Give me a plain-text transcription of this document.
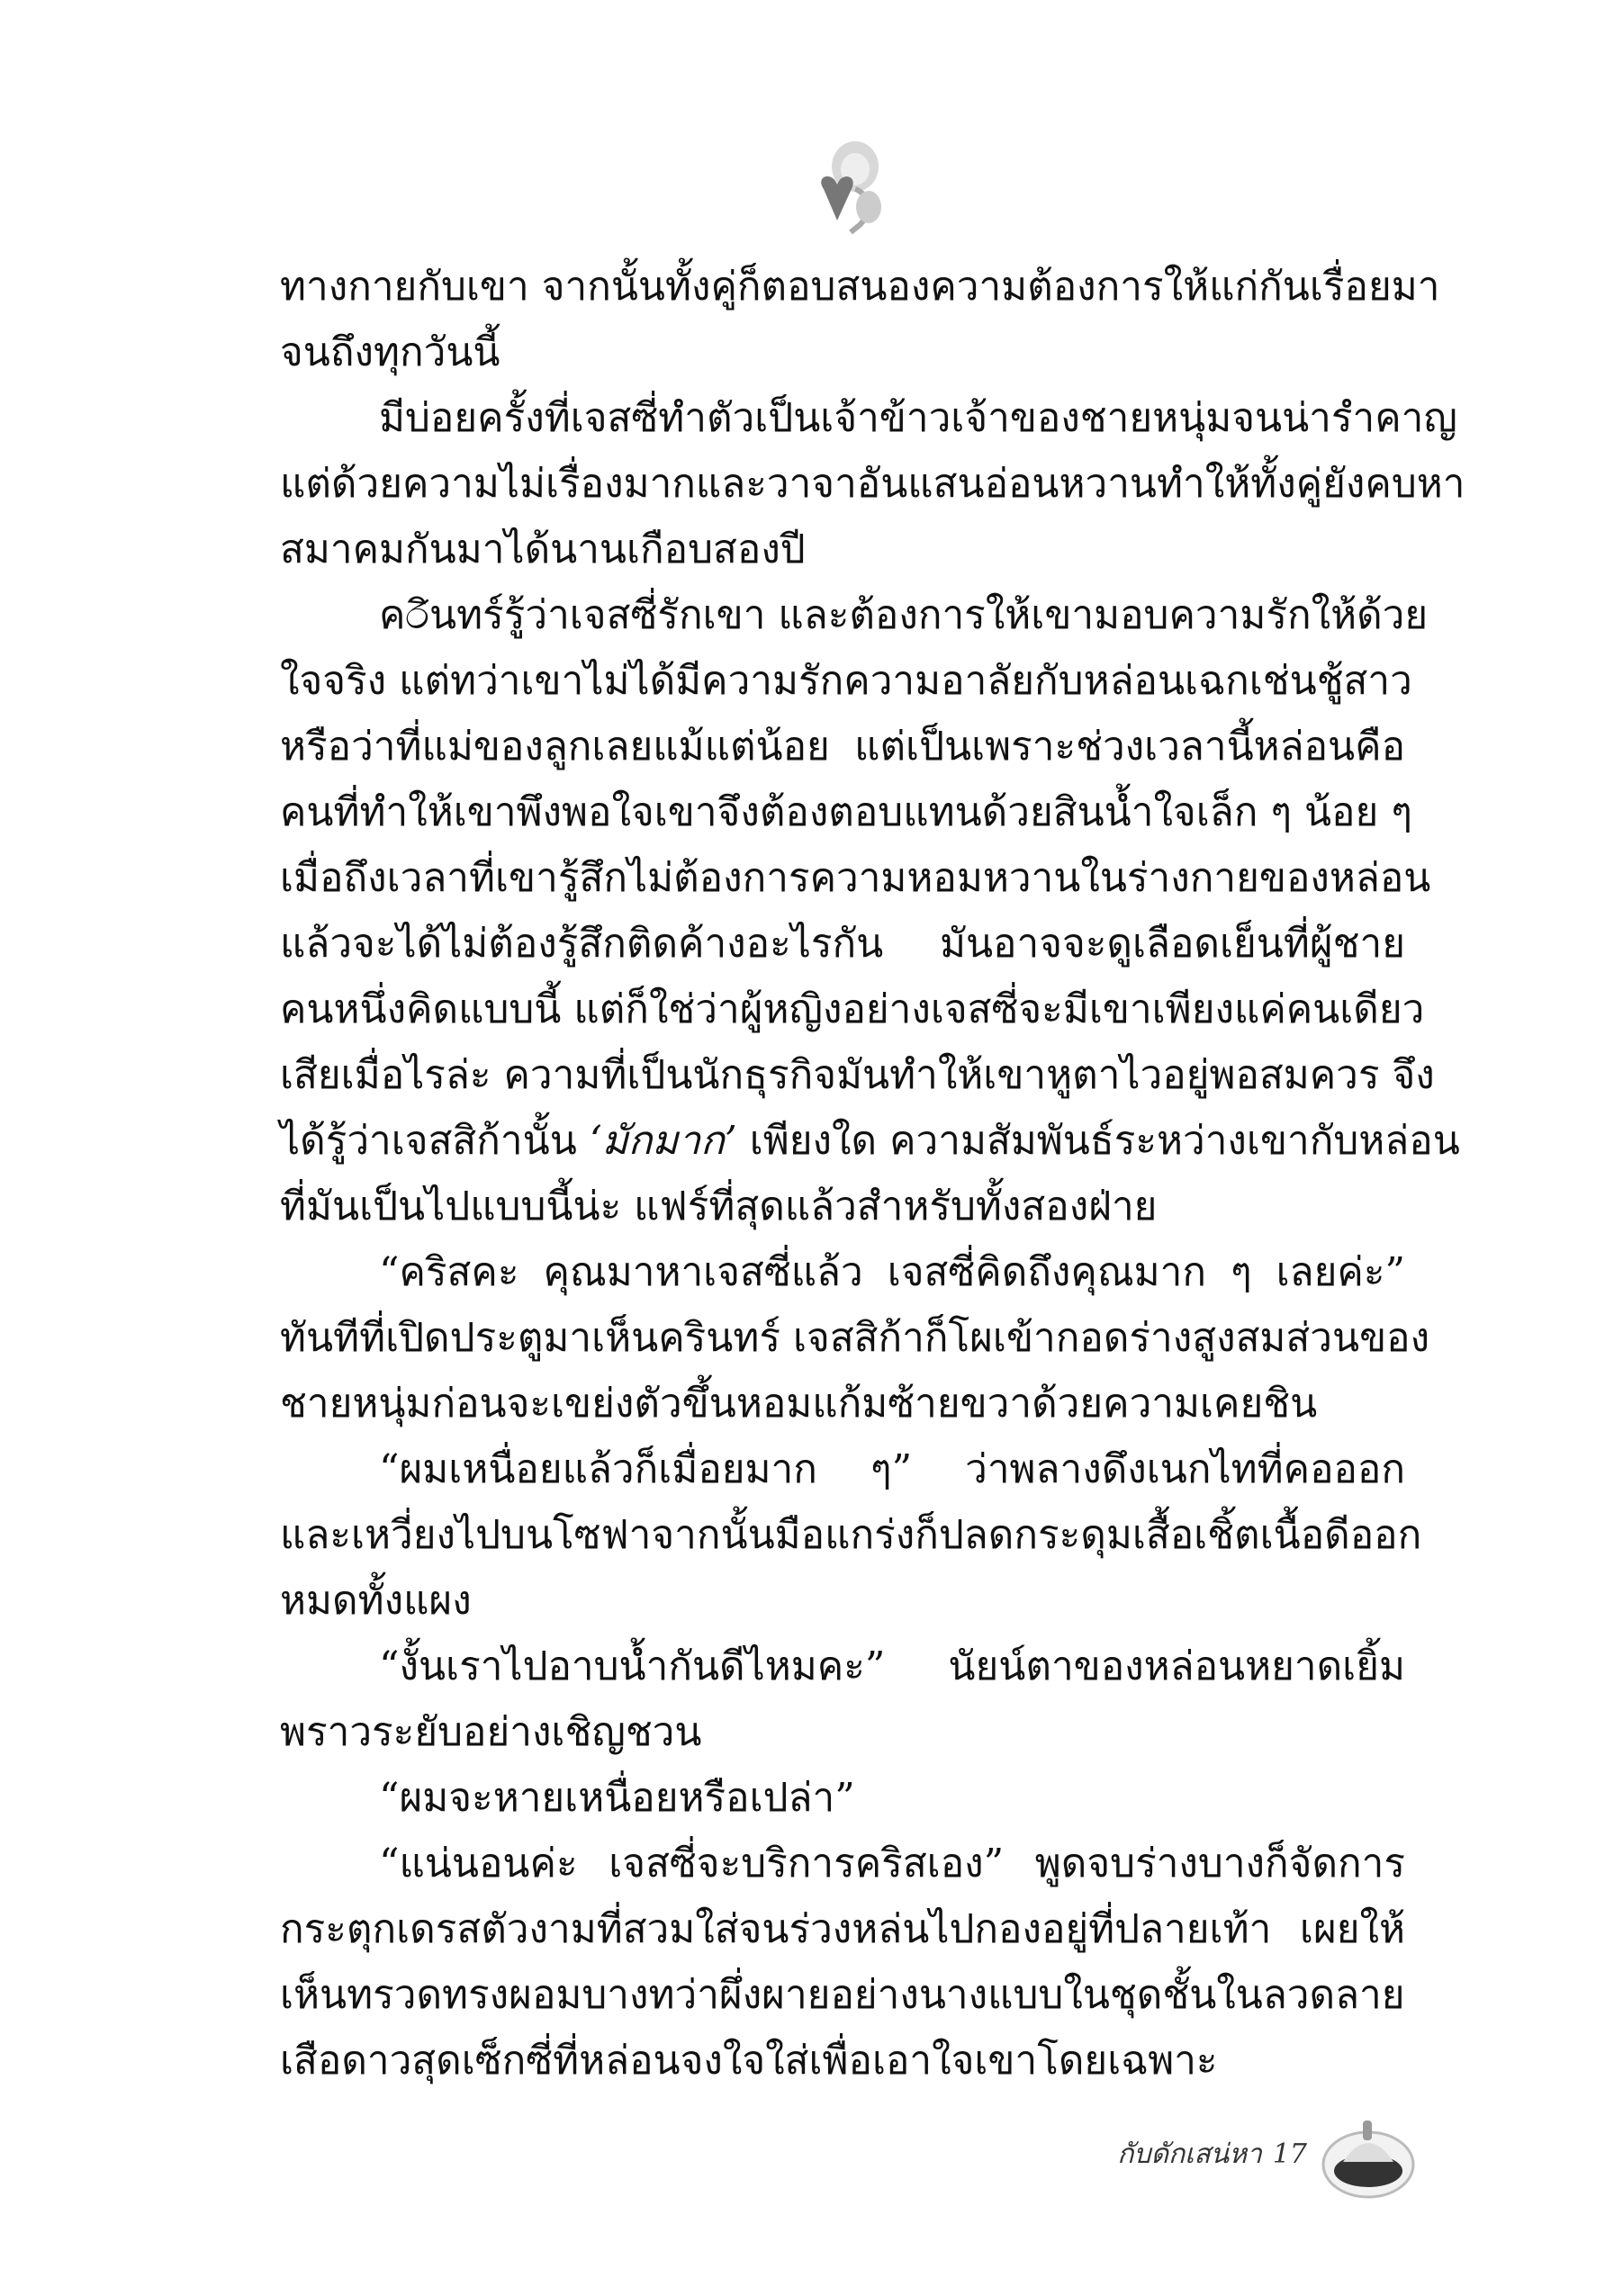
ทางกายกับเขา จากนั้นทั้งคู่ก็ตอบสนองความต้องการให้แก่กันเรื่อยมา
จนถึงทุกวันนี้
มีบ่อยครั้งที่เจสซี่ทำตัวเป็นเจ้าข้าวเจ้าของชายหนุ่มจนน่ารำคาญ
แต่ด้วยความไม่เรื่องมากและวาจาอันแสนอ่อนหวานทำให้ทั้งคู่ยังคบหา
สมาคมกันมาได้นานเกือบสองปี
คරินทร์รู้ว่าเจสซี่รักเขา และต้องการให้เขามอบความรักให้ด้วย
ใจจริง แต่ทว่าเขาไม่ได้มีความรักความอาลัยกับหล่อนเฉกเช่นชู้สาว
หรือว่าที่แม่ของลูกเลยแม้แต่น้อย แต่เป็นเพราะช่วงเวลานี้หล่อนคือ
คนที่ทำให้เขาพึงพอใจเขาจึงต้องตอบแทนด้วยสินน้ำใจเล็ก ๆ น้อย ๆ
เมื่อถึงเวลาที่เขารู้สึกไม่ต้องการความหอมหวานในร่างกายของหล่อน
แล้วจะได้ไม่ต้องรู้สึกติดค้างอะไรกัน มันอาจจะดูเลือดเย็นที่ผู้ชาย
คนหนึ่งคิดแบบนี้ แต่ก็ใช่ว่าผู้หญิงอย่างเจสซี่จะมีเขาเพียงแค่คนเดียว
เสียเมื่อไรล่ะ ความที่เป็นนักธุรกิจมันทำให้เขาหูตาไวอยู่พอสมควร จึง
ได้รู้ว่าเจสสิก้านั้น ‘มักมาก’ เพียงใด ความสัมพันธ์ระหว่างเขากับหล่อน
ที่มันเป็นไปแบบนี้น่ะ แฟร์ที่สุดแล้วสำหรับทั้งสองฝ่าย
“คริสคะ คุณมาหาเจสซี่แล้ว เจสซี่คิดถึงคุณมาก ๆ เลยค่ะ”
ทันทีที่เปิดประตูมาเห็นครินทร์ เจสสิก้าก็โผเข้ากอดร่างสูงสมส่วนของ
ชายหนุ่มก่อนจะเขย่งตัวขึ้นหอมแก้มซ้ายขวาด้วยความเคยชิน
“ผมเหนื่อยแล้วก็เมื่อยมาก ๆ” ว่าพลางดึงเนกไทที่คอออก
และเหวี่ยงไปบนโซฟาจากนั้นมือแกร่งก็ปลดกระดุมเสื้อเชิ้ตเนื้อดีออก
หมดทั้งแผง
“งั้นเราไปอาบน้ำกันดีไหมคะ” นัยน์ตาของหล่อนหยาดเยิ้ม
พราวระยับอย่างเชิญชวน
“ผมจะหายเหนื่อยหรือเปล่า”
“แน่นอนค่ะ เจสซี่จะบริการคริสเอง” พูดจบร่างบางก็จัดการ
กระตุกเดรสตัวงามที่สวมใส่จนร่วงหล่นไปกองอยู่ที่ปลายเท้า เผยให้
เห็นทรวดทรงผอมบางทว่าผึ่งผายอย่างนางแบบในชุดชั้นในลวดลาย
เสือดาวสุดเซ็กซี่ที่หล่อนจงใจใส่เพื่อเอาใจเขาโดยเฉพาะ
กับดักเสน่หา 17
